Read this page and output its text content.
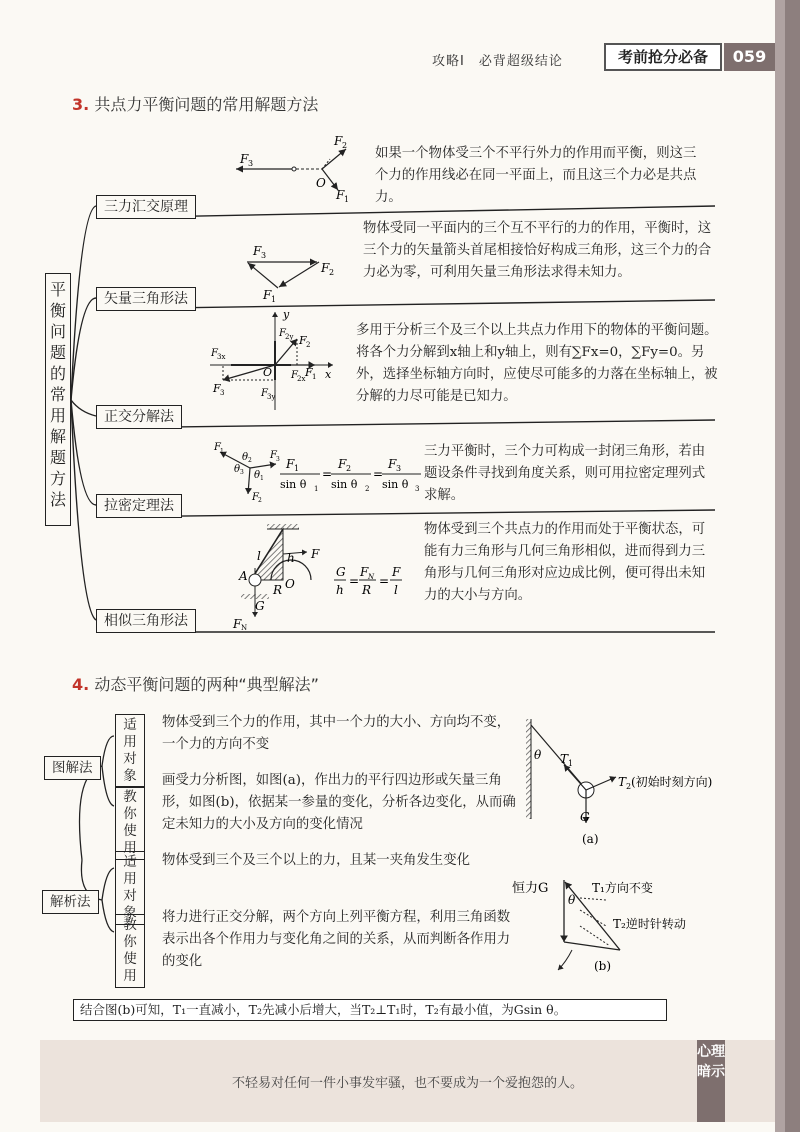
攻略Ⅰ　必背超级结论	考前抢分必备	059
3. 共点力平衡问题的常用解题方法
平衡问题的常用解题方法
三力汇交原理
矢量三角形法
正交分解法
拉密定理法
相似三角形法
如果一个物体受三个不平行外力的作用而平衡，则这三个力的作用线必在同一平面上，而且这三个力必是共点力。
物体受同一平面内的三个互不平行的力的作用，平衡时，这三个力的矢量箭头首尾相接恰好构成三角形，这三个力的合力必为零，可利用矢量三角形法求得未知力。
多用于分析三个及三个以上共点力作用下的物体的平衡问题。将各个力分解到x轴上和y轴上，则有∑Fx=0，∑Fy=0。另外，选择坐标轴方向时，应使尽可能多的力落在坐标轴上，被分解的力尽可能是已知力。
三力平衡时，三个力可构成一封闭三角形，若由题设条件寻找到角度关系，则可用拉密定理列式求解。
物体受到三个共点力的作用而处于平衡状态，可能有力三角形与几何三角形相似，进而得到力三角形与几何三角形对应边成比例，便可得出未知力的大小与方向。
F 3
F 2
F 1
O
F 3
F 2
F 1
y
x
O
F 2
F 1
F 3
F 2y
F 2x
F 3x
F 3y
F 1	F 3
F 2
θ 2
θ 3 θ 1
F 1
sin θ 1
=
F 2
sin θ 2
=
F 3
sin θ 3
l h F
A
O
R
G
F N
G
h
=
F N
R
=
F
l
4. 动态平衡问题的两种“典型解法”
图解法
解析法
适用对象
教你使用
适用对象
教你使用
物体受到三个力的作用，其中一个力的大小、方向均不变，一个力的方向不变
画受力分析图，如图(a)，作出力的平行四边形或矢量三角形，如图(b)，依据某一参量的变化，分析各边变化，从而确定未知力的大小及方向的变化情况
物体受到三个及三个以上的力，且某一夹角发生变化
将力进行正交分解，两个方向上列平衡方程，利用三角函数表示出各个作用力与变化角之间的关系，从而判断各作用力的变化
θ T 1
T 2 (初始时刻方向)
G
(a)
恒力G
θ
T₁方向不变
T₂逆时针转动
(b)
结合图(b)可知，T₁一直减小，T₂先减小后增大，当T₂⊥T₁时，T₂有最小值，为Gsin θ。
不轻易对任何一件小事发牢骚，也不要成为一个爱抱怨的人。
心理暗示
